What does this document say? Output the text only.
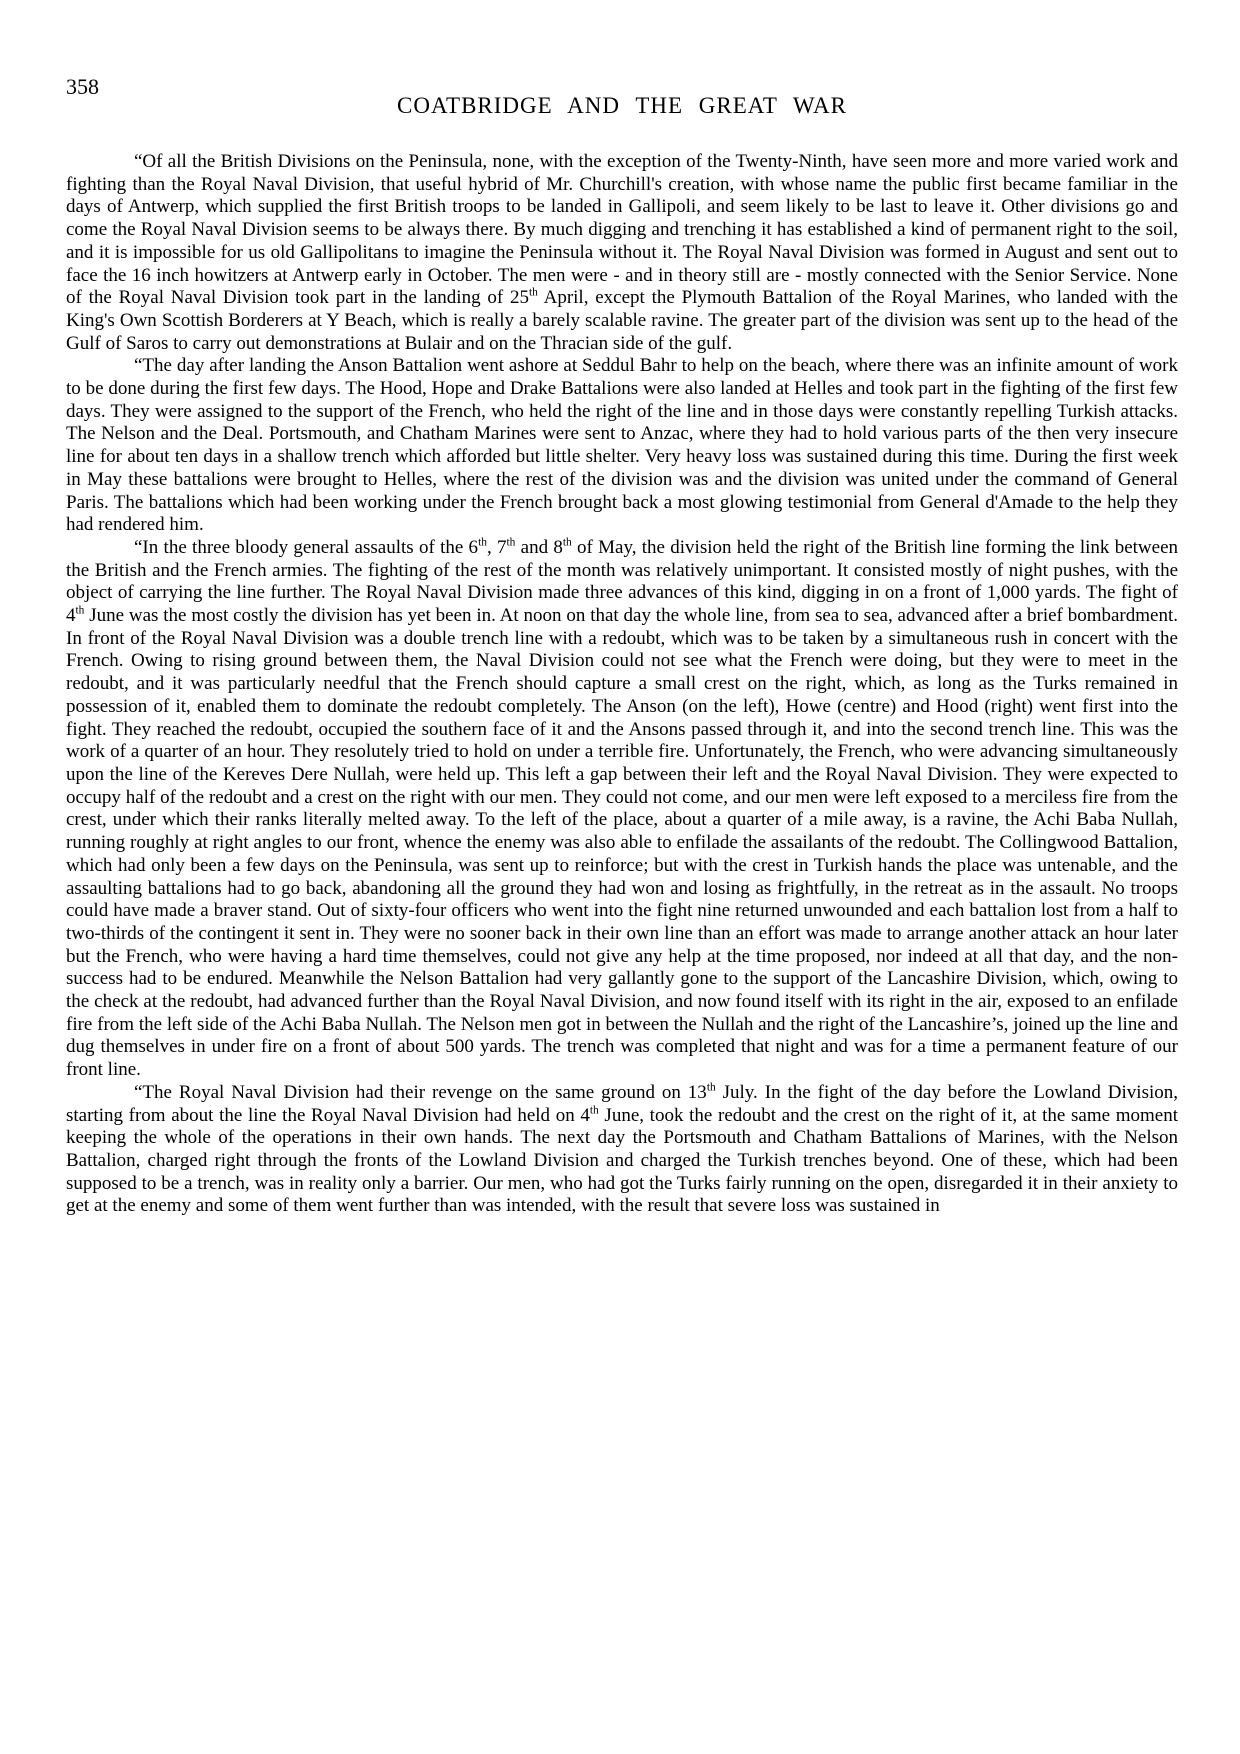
358
COATBRIDGE AND THE GREAT WAR

“Of all the British Divisions on the Peninsula, none, with the exception of the Twenty-Ninth, have seen more and more varied work and fighting than the Royal Naval Division, that useful hybrid of Mr. Churchill's creation, with whose name the public first became familiar in the days of Antwerp, which supplied the first British troops to be landed in Gallipoli, and seem likely to be last to leave it. Other divisions go and come the Royal Naval Division seems to be always there. By much digging and trenching it has established a kind of permanent right to the soil, and it is impossible for us old Gallipolitans to imagine the Peninsula without it. The Royal Naval Division was formed in August and sent out to face the 16 inch howitzers at Antwerp early in October. The men were - and in theory still are - mostly connected with the Senior Service. None of the Royal Naval Division took part in the landing of 25th April, except the Plymouth Battalion of the Royal Marines, who landed with the King's Own Scottish Borderers at Y Beach, which is really a barely scalable ravine. The greater part of the division was sent up to the head of the Gulf of Saros to carry out demonstrations at Bulair and on the Thracian side of the gulf.

“The day after landing the Anson Battalion went ashore at Seddul Bahr to help on the beach, where there was an infinite amount of work to be done during the first few days. The Hood, Hope and Drake Battalions were also landed at Helles and took part in the fighting of the first few days. They were assigned to the support of the French, who held the right of the line and in those days were constantly repelling Turkish attacks. The Nelson and the Deal. Portsmouth, and Chatham Marines were sent to Anzac, where they had to hold various parts of the then very insecure line for about ten days in a shallow trench which afforded but little shelter. Very heavy loss was sustained during this time. During the first week in May these battalions were brought to Helles, where the rest of the division was and the division was united under the command of General Paris. The battalions which had been working under the French brought back a most glowing testimonial from General d'Amade to the help they had rendered him.

“In the three bloody general assaults of the 6th, 7th and 8th of May, the division held the right of the British line forming the link between the British and the French armies. The fighting of the rest of the month was relatively unimportant. It consisted mostly of night pushes, with the object of carrying the line further. The Royal Naval Division made three advances of this kind, digging in on a front of 1,000 yards. The fight of 4th June was the most costly the division has yet been in. At noon on that day the whole line, from sea to sea, advanced after a brief bombardment. In front of the Royal Naval Division was a double trench line with a redoubt, which was to be taken by a simultaneous rush in concert with the French. Owing to rising ground between them, the Naval Division could not see what the French were doing, but they were to meet in the redoubt, and it was particularly needful that the French should capture a small crest on the right, which, as long as the Turks remained in possession of it, enabled them to dominate the redoubt completely. The Anson (on the left), Howe (centre) and Hood (right) went first into the fight. They reached the redoubt, occupied the southern face of it and the Ansons passed through it, and into the second trench line. This was the work of a quarter of an hour. They resolutely tried to hold on under a terrible fire. Unfortunately, the French, who were advancing simultaneously upon the line of the Kereves Dere Nullah, were held up. This left a gap between their left and the Royal Naval Division. They were expected to occupy half of the redoubt and a crest on the right with our men. They could not come, and our men were left exposed to a merciless fire from the crest, under which their ranks literally melted away. To the left of the place, about a quarter of a mile away, is a ravine, the Achi Baba Nullah, running roughly at right angles to our front, whence the enemy was also able to enfilade the assailants of the redoubt. The Collingwood Battalion, which had only been a few days on the Peninsula, was sent up to reinforce; but with the crest in Turkish hands the place was untenable, and the assaulting battalions had to go back, abandoning all the ground they had won and losing as frightfully, in the retreat as in the assault. No troops could have made a braver stand. Out of sixty-four officers who went into the fight nine returned unwounded and each battalion lost from a half to two-thirds of the contingent it sent in. They were no sooner back in their own line than an effort was made to arrange another attack an hour later but the French, who were having a hard time themselves, could not give any help at the time proposed, nor indeed at all that day, and the non-success had to be endured. Meanwhile the Nelson Battalion had very gallantly gone to the support of the Lancashire Division, which, owing to the check at the redoubt, had advanced further than the Royal Naval Division, and now found itself with its right in the air, exposed to an enfilade fire from the left side of the Achi Baba Nullah. The Nelson men got in between the Nullah and the right of the Lancashire’s, joined up the line and dug themselves in under fire on a front of about 500 yards. The trench was completed that night and was for a time a permanent feature of our front line.

“The Royal Naval Division had their revenge on the same ground on 13th July. In the fight of the day before the Lowland Division, starting from about the line the Royal Naval Division had held on 4th June, took the redoubt and the crest on the right of it, at the same moment keeping the whole of the operations in their own hands. The next day the Portsmouth and Chatham Battalions of Marines, with the Nelson Battalion, charged right through the fronts of the Lowland Division and charged the Turkish trenches beyond. One of these, which had been supposed to be a trench, was in reality only a barrier. Our men, who had got the Turks fairly running on the open, disregarded it in their anxiety to get at the enemy and some of them went further than was intended, with the result that severe loss was sustained in
